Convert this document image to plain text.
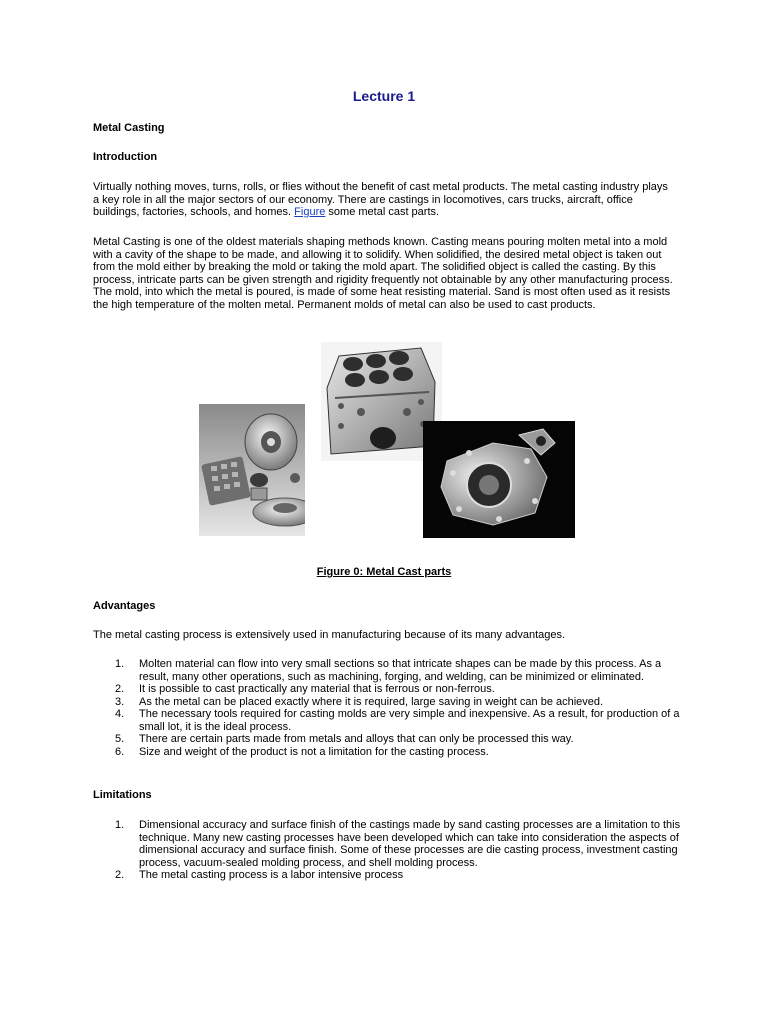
Lecture 1
Metal Casting
Introduction

Virtually nothing moves, turns, rolls, or flies without the benefit of cast metal products. The metal casting industry plays a key role in all the major sectors of our economy. There are castings in locomotives, cars trucks, aircraft, office buildings, factories, schools, and homes. Figure some metal cast parts.

Metal Casting is one of the oldest materials shaping methods known. Casting means pouring molten metal into a mold with a cavity of the shape to be made, and allowing it to solidify. When solidified, the desired metal object is taken out from the mold either by breaking the mold or taking the mold apart. The solidified object is called the casting. By this process, intricate parts can be given strength and rigidity frequently not obtainable by any other manufacturing process. The mold, into which the metal is poured, is made of some heat resisting material. Sand is most often used as it resists the high temperature of the molten metal. Permanent molds of metal can also be used to cast products.

Figure 0: Metal Cast parts

Advantages

The metal casting process is extensively used in manufacturing because of its many advantages.

1.	Molten material can flow into very small sections so that intricate shapes can be made by this process. As a result, many other operations, such as machining, forging, and welding, can be minimized or eliminated.
2.	It is possible to cast practically any material that is ferrous or non-ferrous.
3.	As the metal can be placed exactly where it is required, large saving in weight can be achieved.
4.	The necessary tools required for casting molds are very simple and inexpensive. As a result, for production of a small lot, it is the ideal process.
5.	There are certain parts made from metals and alloys that can only be processed this way.
6.	Size and weight of the product is not a limitation for the casting process.
Limitations
1.	Dimensional accuracy and surface finish of the castings made by sand casting processes are a limitation to this technique. Many new casting processes have been developed which can take into consideration the aspects of dimensional accuracy and surface finish. Some of these processes are die casting process, investment casting process, vacuum-sealed molding process, and shell molding process.
2.	The metal casting process is a labor intensive process
